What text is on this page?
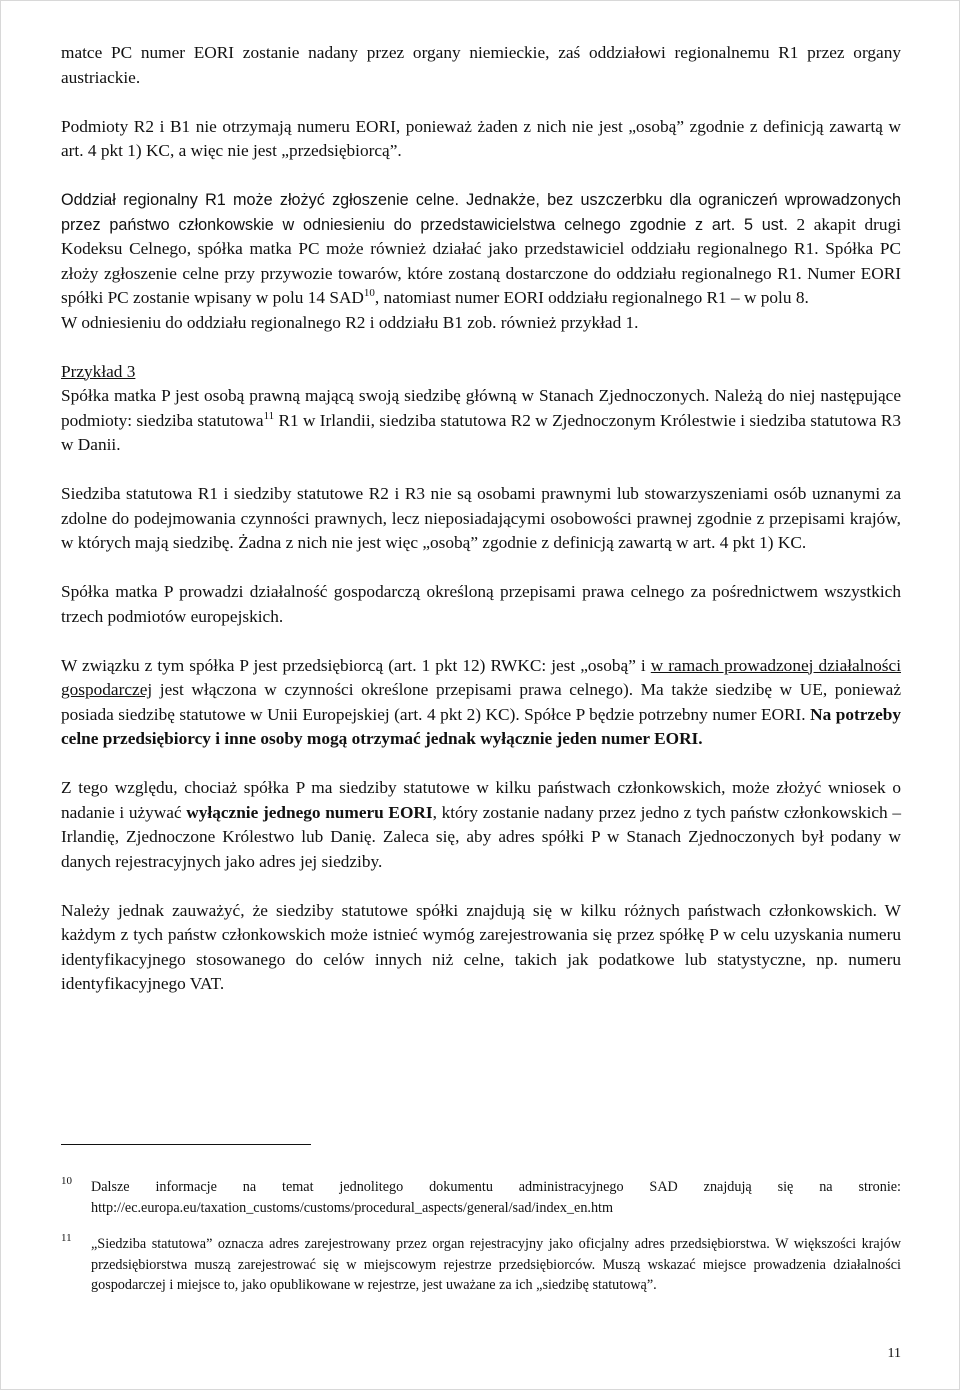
matce PC numer EORI zostanie nadany przez organy niemieckie, zaś oddziałowi regionalnemu R1 przez organy austriackie.

Podmioty R2 i B1 nie otrzymają numeru EORI, ponieważ żaden z nich nie jest „osobą” zgodnie z definicją zawartą w art. 4 pkt 1) KC, a więc nie jest „przedsiębiorcą”.

Oddział regionalny R1 może złożyć zgłoszenie celne. Jednakże, bez uszczerbku dla ograniczeń wprowadzonych przez państwo członkowskie w odniesieniu do przedstawicielstwa celnego zgodnie z art. 5 ust. 2 akapit drugi Kodeksu Celnego, spółka matka PC może również działać jako przedstawiciel oddziału regionalnego R1. Spółka PC złoży zgłoszenie celne przy przywozie towarów, które zostaną dostarczone do oddziału regionalnego R1. Numer EORI spółki PC zostanie wpisany w polu 14 SAD$^{10}$, natomiast numer EORI oddziału regionalnego R1 – w polu 8.

W odniesieniu do oddziału regionalnego R2 i oddziału B1 zob. również przykład 1.

Przykład 3

Spółka matka P jest osobą prawną mającą swoją siedzibę główną w Stanach Zjednoczonych. Należą do niej następujące podmioty: siedziba statutowa$^{11}$ R1 w Irlandii, siedziba statutowa R2 w Zjednoczonym Królestwie i siedziba statutowa R3 w Danii.

Siedziba statutowa R1 i siedziby statutowe R2 i R3 nie są osobami prawnymi lub stowarzyszeniami osób uznanymi za zdolne do podejmowania czynności prawnych, lecz nieposiadającymi osobowości prawnej zgodnie z przepisami krajów, w których mają siedzibę. Żadna z nich nie jest więc „osobą” zgodnie z definicją zawartą w art. 4 pkt 1) KC.

Spółka matka P prowadzi działalność gospodarczą określoną przepisami prawa celnego za pośrednictwem wszystkich trzech podmiotów europejskich.

W związku z tym spółka P jest przedsiębiorcą (art. 1 pkt 12) RWKC: jest „osobą” i w ramach prowadzonej działalności gospodarczej jest włączona w czynności określone przepisami prawa celnego). Ma także siedzibę w UE, ponieważ posiada siedzibę statutowe w Unii Europejskiej (art. 4 pkt 2) KC). Spółce P będzie potrzebny numer EORI. Na potrzeby celne przedsiębiorcy i inne osoby mogą otrzymać jednak wyłącznie jeden numer EORI.

Z tego względu, chociaż spółka P ma siedziby statutowe w kilku państwach członkowskich, może złożyć wniosek o nadanie i używać wyłącznie jednego numeru EORI, który zostanie nadany przez jedno z tych państw członkowskich – Irlandię, Zjednoczone Królestwo lub Danię. Zaleca się, aby adres spółki P w Stanach Zjednoczonych był podany w danych rejestracyjnych jako adres jej siedziby.

Należy jednak zauważyć, że siedziby statutowe spółki znajdują się w kilku różnych państwach członkowskich. W każdym z tych państw członkowskich może istnieć wymóg zarejestrowania się przez spółkę P w celu uzyskania numeru identyfikacyjnego stosowanego do celów innych niż celne, takich jak podatkowe lub statystyczne, np. numeru identyfikacyjnego VAT.

10 Dalsze informacje na temat jednolitego dokumentu administracyjnego SAD znajdują się na stronie: http://ec.europa.eu/taxation_customs/customs/procedural_aspects/general/sad/index_en.htm
11 „Siedziba statutowa” oznacza adres zarejestrowany przez organ rejestracyjny jako oficjalny adres przedsiębiorstwa. W większości krajów przedsiębiorstwa muszą zarejestrować się w miejscowym rejestrze przedsiębiorców. Muszą wskazać miejsce prowadzenia działalności gospodarczej i miejsce to, jako opublikowane w rejestrze, jest uważane za ich „siedzibę statutową”.
11
